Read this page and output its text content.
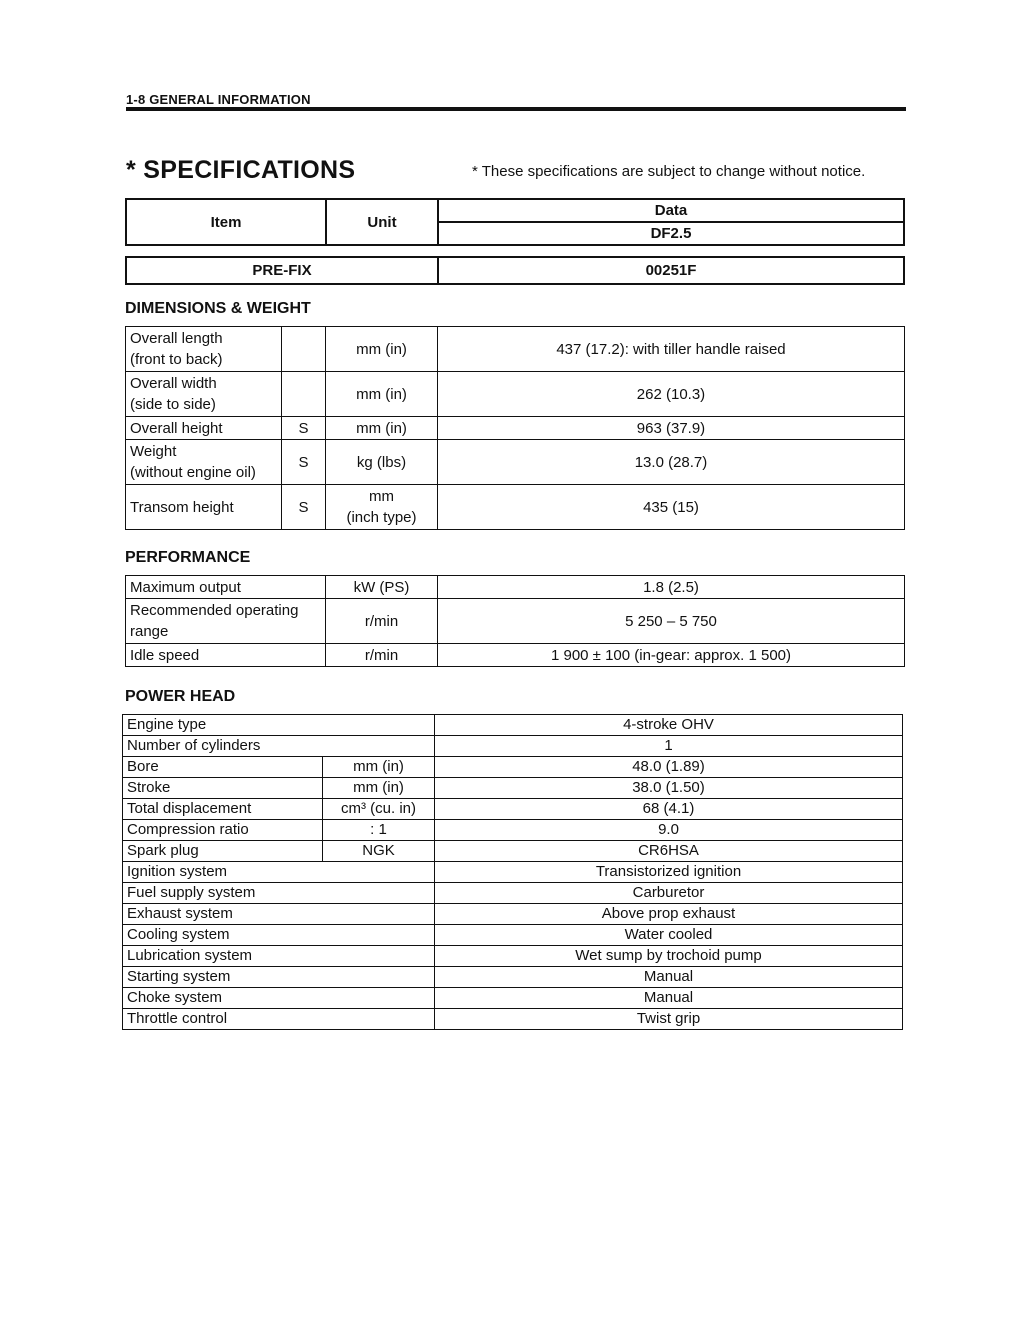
1-8 GENERAL INFORMATION
* SPECIFICATIONS	* These specifications are subject to change without notice.
Item	Unit	Data
DF2.5
PRE-FIX	00251F
DIMENSIONS & WEIGHT
Overall length
(front to back)		mm (in)	437 (17.2): with tiller handle raised
Overall width
(side to side)		mm (in)	262 (10.3)
Overall height	S	mm (in)	963 (37.9)
Weight
(without engine oil)	S	kg (lbs)	13.0 (28.7)
Transom height	S	mm
(inch type)	435 (15)
PERFORMANCE
Maximum output	kW (PS)	1.8 (2.5)
Recommended operating
range	r/min	5 250 – 5 750
Idle speed	r/min	1 900 ± 100 (in-gear: approx. 1 500)
POWER HEAD
Engine type		4-stroke OHV
Number of cylinders		1
Bore	mm (in)	48.0 (1.89)
Stroke	mm (in)	38.0 (1.50)
Total displacement	cm³ (cu. in)	68 (4.1)
Compression ratio	: 1	9.0
Spark plug	NGK	CR6HSA
Ignition system		Transistorized ignition
Fuel supply system		Carburetor
Exhaust system		Above prop exhaust
Cooling system		Water cooled
Lubrication system		Wet sump by trochoid pump
Starting system		Manual
Choke system		Manual
Throttle control		Twist grip
